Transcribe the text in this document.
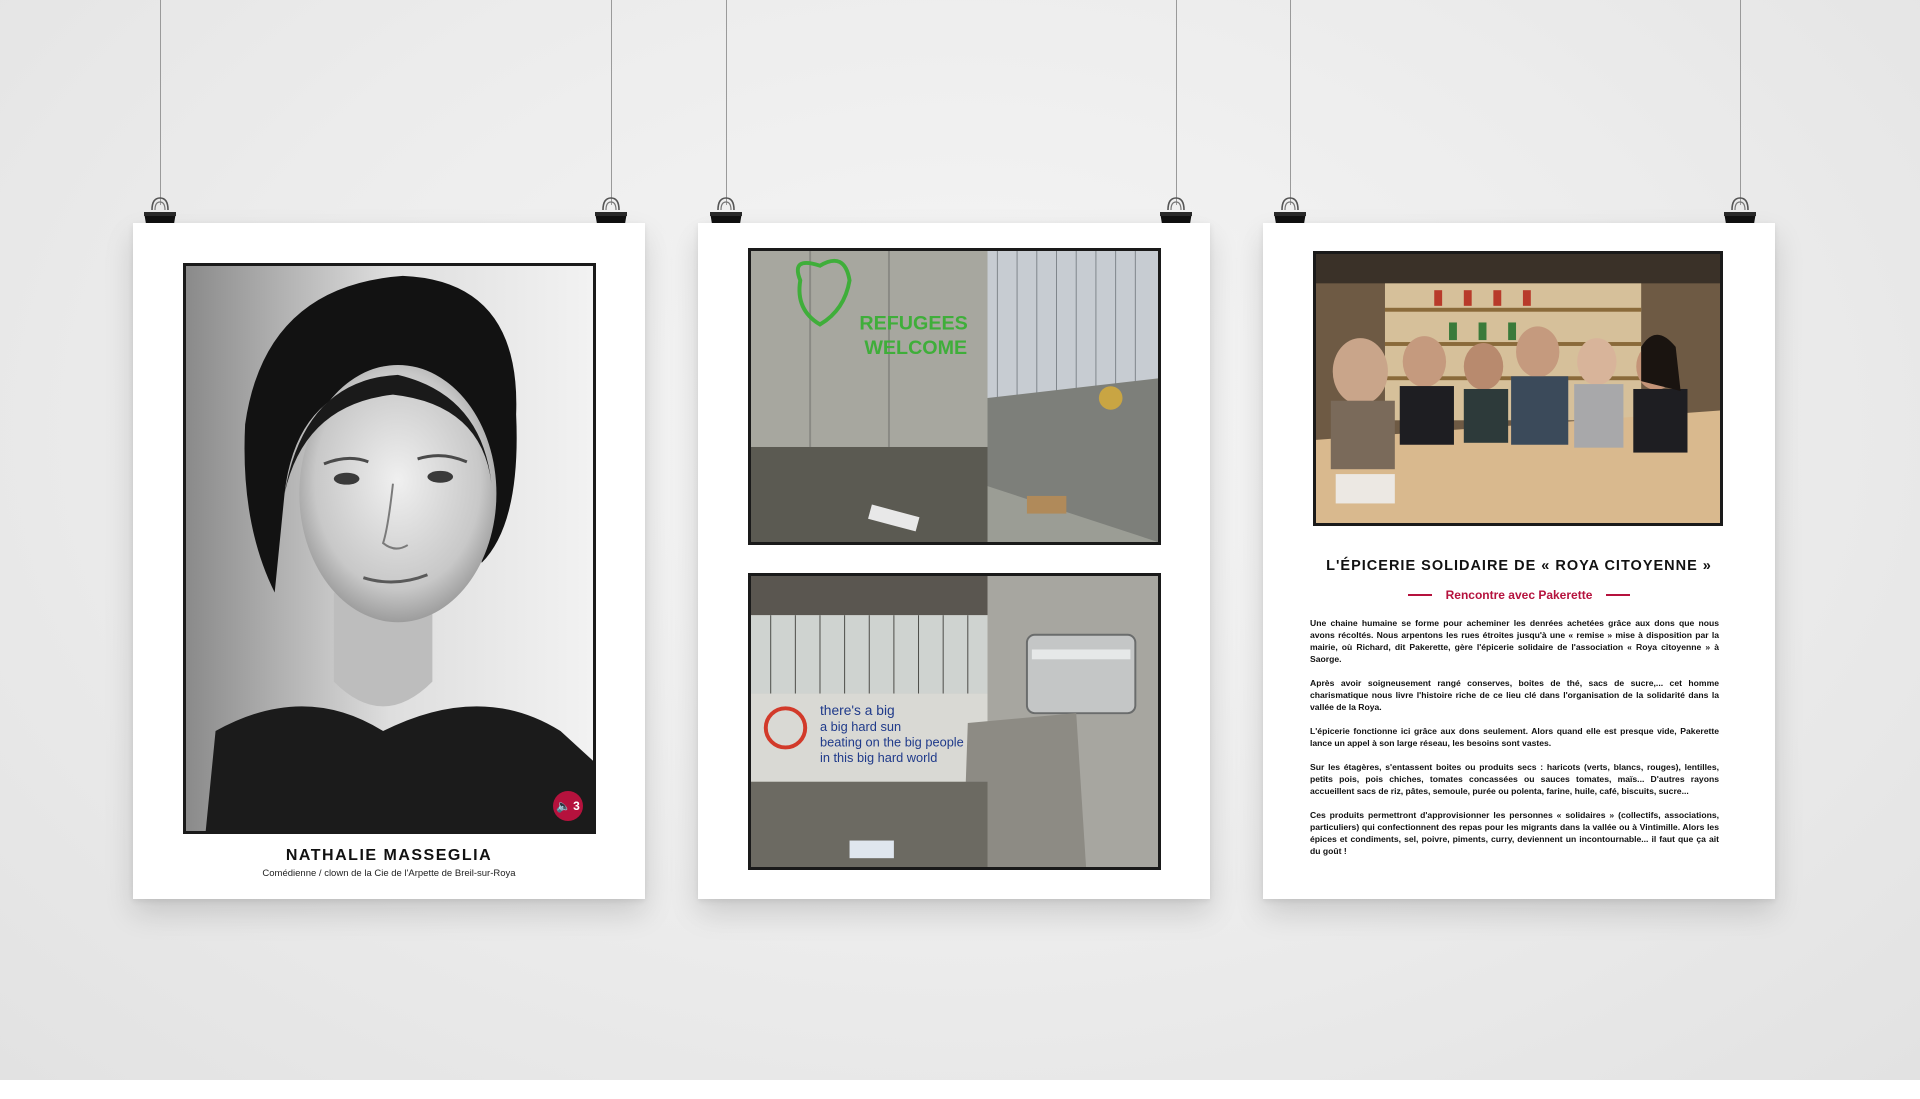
🔈 3
NATHALIE MASSEGLIA
Comédienne / clown de la Cie de l'Arpette de Breil-sur-Roya
REFUGEES
WELCOME
there's a big
a big hard sun
beating on the big people
in this big hard world
L'ÉPICERIE SOLIDAIRE DE « ROYA CITOYENNE »
Rencontre avec Pakerette

Une chaine humaine se forme pour acheminer les denrées achetées grâce aux dons que nous avons récoltés. Nous arpentons les rues étroites jusqu'à une « remise » mise à disposition par la mairie, où Richard, dit Pakerette, gère l'épicerie solidaire de l'association « Roya citoyenne » à Saorge.

Après avoir soigneusement rangé conserves, boites de thé, sacs de sucre,... cet homme charismatique nous livre l'histoire riche de ce lieu clé dans l'organisation de la solidarité dans la vallée de la Roya.

L'épicerie fonctionne ici grâce aux dons seulement. Alors quand elle est presque vide, Pakerette lance un appel à son large réseau, les besoins sont vastes.

Sur les étagères, s'entassent boites ou produits secs : haricots (verts, blancs, rouges), lentilles, petits pois, pois chiches, tomates concassées ou sauces tomates, maïs... D'autres rayons accueillent sacs de riz, pâtes, semoule, purée ou polenta, farine, huile, café, biscuits, sucre...

Ces produits permettront d'approvisionner les personnes « solidaires » (collectifs, associations, particuliers) qui confectionnent des repas pour les migrants dans la vallée ou à Vintimille. Alors les épices et condiments, sel, poivre, piments, curry, deviennent un incontournable... il faut que ça ait du goût !
